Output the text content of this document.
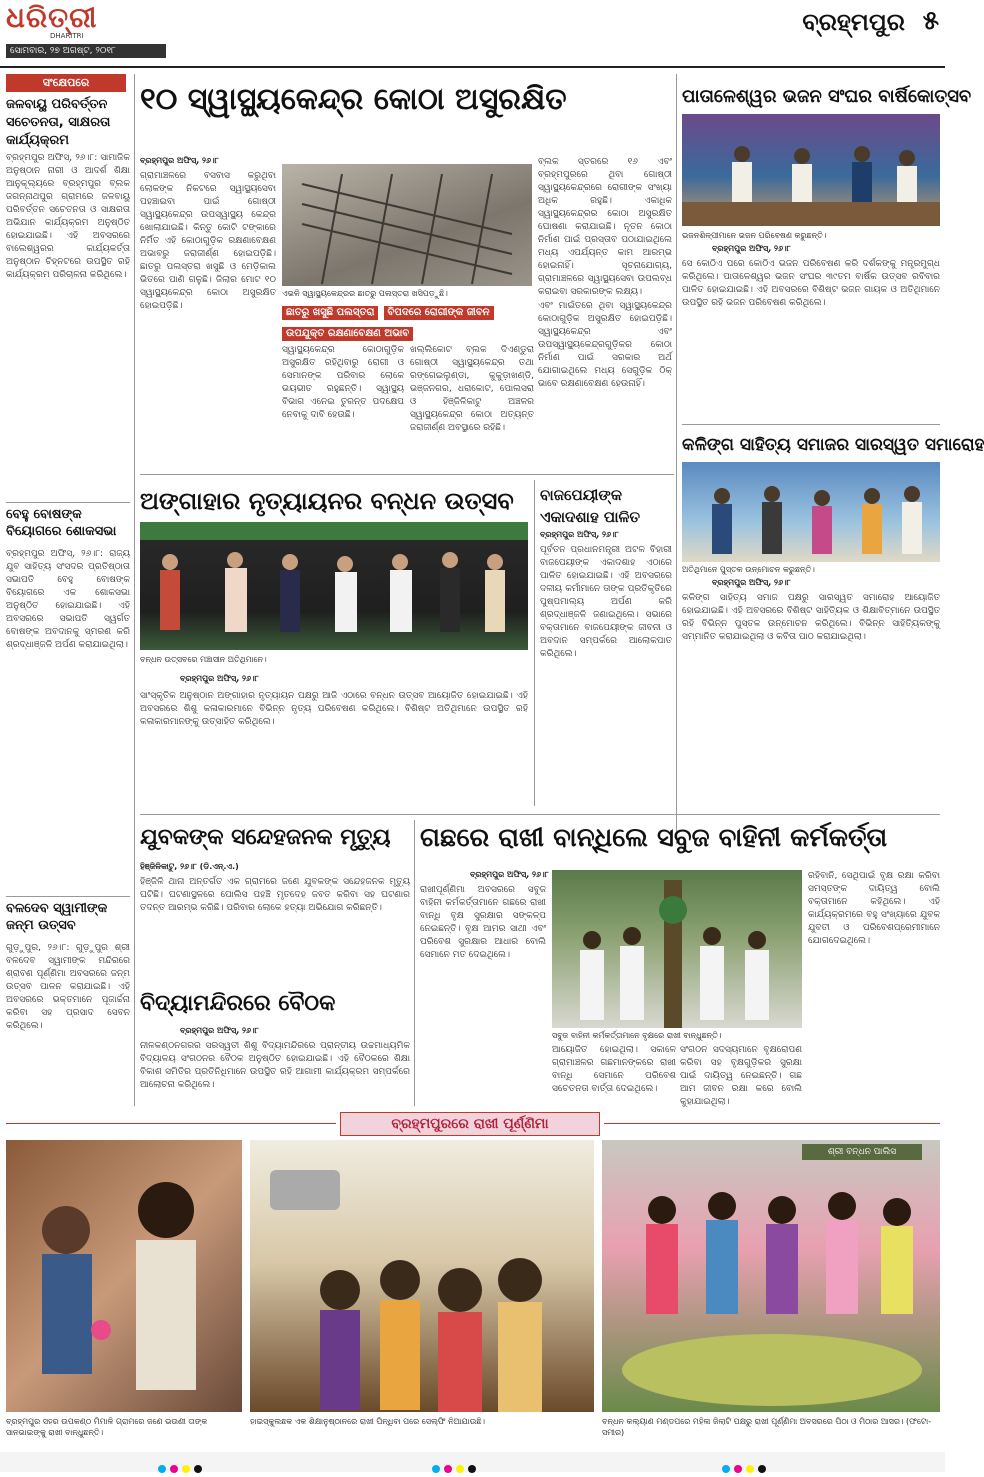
ଧରିତ୍ରୀ
DHARITRI
ସୋମବାର, ୨୭ ଅଗଷ୍ଟ, ୨୦୧୮
ବ୍ରହ୍ମପୁର ୫
ସଂକ୍ଷେପରେ
ଜଳବାୟୁ ପରିବର୍ତ୍ତନ ସଚେତନତା, ସାକ୍ଷରତା କାର୍ଯ୍ୟକ୍ରମ
ବ୍ରହ୍ମପୁର ଅଫିସ୍, ୨୬।୮: ସାମାଜିକ ଅନୁଷ୍ଠାନ ନାରୀ ଓ ଆଦର୍ଶ ଶିକ୍ଷା ଆନୁକୂଲ୍ୟରେ ବ୍ରହ୍ମପୁର ବ୍ଲକ ଜଗନ୍ନାଥପୁର ଗ୍ରାମରେ ଜଳବାୟୁ ପରିବର୍ତ୍ତନ ସଚେତନତା ଓ ସାକ୍ଷରତା ଅଭିଯାନ କାର୍ଯ୍ୟକ୍ରମ ଅନୁଷ୍ଠିତ ହୋଇଯାଇଛି। ଏହି ଅବସରରେ ବାଲେଶ୍ୱରର କାର୍ଯ୍ୟକର୍ତ୍ତା ଅନୁଷ୍ଠାନ ଚିହ୍ନଟରେ ଉପସ୍ଥିତ ରହି କାର୍ଯ୍ୟକ୍ରମ ପରିଚାଳନା କରିଥିଲେ।
ବେହୁ ବୋଷଙ୍କ ବିୟୋଗରେ ଶୋକସଭା
ବ୍ରହ୍ମପୁର ଅଫିସ୍, ୨୬।୮: ରାଜ୍ୟ ଯୁବ ସାହିତ୍ୟ ସଂସଦର ପ୍ରତିଷ୍ଠାତା ସଭାପତି ବେହୁ ବୋଷଙ୍କ ବିୟୋଗରେ ଏକ ଶୋକସଭା ଅନୁଷ୍ଠିତ ହୋଇଯାଇଛି। ଏହି ଅବସରରେ ସଭାପତି ସ୍ୱର୍ଗତ ବୋଷଙ୍କ ଅବଦାନକୁ ସ୍ମରଣ କରି ଶ୍ରଦ୍ଧାଞ୍ଜଳି ଅର୍ପଣ କରାଯାଇଥିଲା।
ବଳଦେବ ସ୍ୱାମୀଙ୍କ ଜନ୍ମ ଉତ୍ସବ
ଗୁଡ଼ୁପୁର, ୨୬।୮: ଗୁଡ଼ୁପୁର ଶ୍ରୀ ବଳଦେବ ସ୍ୱାମୀଙ୍କ ମନ୍ଦିରରେ ଶ୍ରାବଣ ପୂର୍ଣ୍ଣିମା ଅବସରରେ ଜନ୍ମ ଉତ୍ସବ ପାଳନ କରାଯାଇଛି। ଏହି ଅବସରରେ ଭକ୍ତମାନେ ପୂଜାର୍ଚ୍ଚନା କରିବା ସହ ପ୍ରସାଦ ସେବନ କରିଥିଲେ।
୧୦ ସ୍ୱାସ୍ଥ୍ୟକେନ୍ଦ୍ର କୋଠା ଅସୁରକ୍ଷିତ
ବ୍ରହ୍ମପୁର ଅଫିସ୍, ୨୬।୮
ଗ୍ରାମାଞ୍ଚଳରେ ବସବାସ କରୁଥିବା ଲୋକଙ୍କ ନିକଟରେ ସ୍ୱାସ୍ଥ୍ୟସେବା ପହଞ୍ଚାଇବା ପାଇଁ ଗୋଷ୍ଠୀ ସ୍ୱାସ୍ଥ୍ୟକେନ୍ଦ୍ର ଉପସ୍ୱାସ୍ଥ୍ୟ କେନ୍ଦ୍ର ଖୋଲାଯାଇଛି। କିନ୍ତୁ କୋଟି ଟଙ୍କାରେ ନିର୍ମିତ ଏହି କୋଠାଗୁଡ଼ିକ ରକ୍ଷଣାବେକ୍ଷଣ ଅଭାବରୁ ଜରାଜୀର୍ଣ୍ଣ ହୋଇପଡ଼ିଛି। ଛାତରୁ ପଲସ୍ତରା ଖସୁଛି ଓ ମେଡ଼ିକାଲ ଭିତରେ ପାଣି ଗଳୁଛି। ଜିଲାର ମୋଟ ୧୦ ସ୍ୱାସ୍ଥ୍ୟକେନ୍ଦ୍ର କୋଠା ଅସୁରକ୍ଷିତ ହୋଇପଡ଼ିଛି।
ଏଭଳି ସ୍ୱାସ୍ଥ୍ୟକେନ୍ଦ୍ରର ଛାତରୁ ପଲସ୍ତରା ଖସିପଡ଼ୁଛି।
ଛାତରୁ ଖସୁଛି ପଲସ୍ତରା ବିପଦରେ ରୋଗୀଙ୍କ ଜୀବନ ଉପଯୁକ୍ତ ରକ୍ଷଣାବେକ୍ଷଣ ଅଭାବ
ସ୍ୱାସ୍ଥ୍ୟକେନ୍ଦ୍ର କୋଠାଗୁଡ଼ିକ ଅସୁରକ୍ଷିତ ରହିଥିବାରୁ ରୋଗୀ ଓ ସେମାନଙ୍କ ପରିବାର ଲୋକେ ଭୟଭୀତ ରହୁଛନ୍ତି। ସ୍ୱାସ୍ଥ୍ୟ ବିଭାଗ ଏନେଇ ତୁରନ୍ତ ପଦକ୍ଷେପ ନେବାକୁ ଦାବି ହେଉଛି।
ଖଲ୍ଲିକୋଟ ବ୍ଲକ ଦିଏଣ୍ଡୁରା ଗୋଷ୍ଠୀ ସ୍ୱାସ୍ଥ୍ୟକେନ୍ଦ୍ର ତଥା ରଙ୍ଗେଇଲୁଣ୍ଡା, କୁକୁଡ଼ାଖଣ୍ଡି, ଭଞ୍ଜନଗର, ଧରାକୋଟ, ପୋଲସରା ଓ ହିଞ୍ଜିଳିକାଟୁ ଅଞ୍ଚଳର ସ୍ୱାସ୍ଥ୍ୟକେନ୍ଦ୍ର କୋଠା ଅତ୍ୟନ୍ତ ଜରାଜୀର୍ଣ୍ଣ ଅବସ୍ଥାରେ ରହିଛି।
ଏବଂ ମାଇଁତରେ ଥିବା ସ୍ୱାସ୍ଥ୍ୟକେନ୍ଦ୍ର କୋଠାଗୁଡ଼ିକ ଅସୁରକ୍ଷିତ ହୋଇପଡ଼ିଛି। ସ୍ୱାସ୍ଥ୍ୟକେନ୍ଦ୍ର ଏବଂ ଉପସ୍ୱାସ୍ଥ୍ୟକେନ୍ଦ୍ରଗୁଡ଼ିକର କୋଠା ନିର୍ମାଣ ପାଇଁ ସରକାର ଅର୍ଥ ଯୋଗାଇଥିଲେ ମଧ୍ୟ ସେଗୁଡ଼ିକ ଠିକ୍ ଭାବେ ରକ୍ଷଣାବେକ୍ଷଣ ହେଉନାହିଁ।
ବ୍ଲକ ସ୍ତରରେ ୧୬ ଏବଂ ବ୍ରହ୍ମପୁରରେ ଥିବା ଗୋଷ୍ଠୀ ସ୍ୱାସ୍ଥ୍ୟକେନ୍ଦ୍ରରେ ରୋଗୀଙ୍କ ସଂଖ୍ୟା ଅଧିକ ରହୁଛି। ଏକାଧିକ ସ୍ୱାସ୍ଥ୍ୟକେନ୍ଦ୍ରର କୋଠା ଅସୁରକ୍ଷିତ ଘୋଷଣା କରାଯାଇଛି। ନୂତନ କୋଠା ନିର୍ମାଣ ପାଇଁ ପ୍ରସ୍ତାବ ପଠାଯାଇଥିଲେ ମଧ୍ୟ ଏପର୍ଯ୍ୟନ୍ତ କାମ ଆରମ୍ଭ ହୋଇନାହିଁ। ସୂଚନାଯୋଗ୍ୟ, ଗ୍ରାମାଞ୍ଚଳରେ ସ୍ୱାସ୍ଥ୍ୟସେବା ଉପଲବ୍ଧ କରାଇବା ସରକାରଙ୍କ ଲକ୍ଷ୍ୟ।
ପାତାଳେଶ୍ୱର ଭଜନ ସଂଘର ବାର୍ଷିକୋତ୍ସବ
ଭଜନଶିଳ୍ପୀମାନେ ଭଜନ ପରିବେଷଣ କରୁଛନ୍ତି।
ବ୍ରହ୍ମପୁର ଅଫିସ୍, ୨୬।୮
ସେ କୋଠିଏ ପରେ କୋଠିଏ ଭଜନ ପରିବେଷଣ କରି ଦର୍ଶକଙ୍କୁ ମନ୍ତ୍ରମୁଗ୍ଧ କରିଥିଲେ। ପାତାଳେଶ୍ୱର ଭଜନ ସଂଘର ୩୯ତମ ବାର୍ଷିକ ଉତ୍ସବ ରବିବାର ପାଳିତ ହୋଇଯାଇଛି। ଏହି ଅବସରରେ ବିଶିଷ୍ଟ ଭଜନ ଗାୟକ ଓ ଅତିଥିମାନେ ଉପସ୍ଥିତ ରହି ଭଜନ ପରିବେଷଣ କରିଥିଲେ।
କଳିଙ୍ଗ ସାହିତ୍ୟ ସମାଜର ସାରସ୍ୱତ ସମାରୋହ
ଅତିଥିମାନେ ପୁସ୍ତକ ଉନ୍ମୋଚନ କରୁଛନ୍ତି।
ବ୍ରହ୍ମପୁର ଅଫିସ୍, ୨୬।୮
କଳିଙ୍ଗ ସାହିତ୍ୟ ସମାଜ ପକ୍ଷରୁ ସାରସ୍ୱତ ସମାରୋହ ଆୟୋଜିତ ହୋଇଯାଇଛି। ଏହି ଅବସରରେ ବିଶିଷ୍ଟ ସାହିତ୍ୟିକ ଓ ଶିକ୍ଷାବିତ୍‌ମାନେ ଉପସ୍ଥିତ ରହି ବିଭିନ୍ନ ପୁସ୍ତକ ଉନ୍ମୋଚନ କରିଥିଲେ। ବିଭିନ୍ନ ସାହିତ୍ୟିକଙ୍କୁ ସମ୍ମାନିତ କରାଯାଇଥିଲା ଓ କବିତା ପାଠ କରାଯାଇଥିଲା।
ଅଙ୍ଗାହାର ନୃତ୍ୟାୟନର ବନ୍ଧନ ଉତ୍ସବ
ବନ୍ଧନ ଉତ୍ସବରେ ମଞ୍ଚାସୀନ ଅତିଥିମାନେ।
ବ୍ରହ୍ମପୁର ଅଫିସ୍, ୨୬।୮
ସାଂସ୍କୃତିକ ଅନୁଷ୍ଠାନ ଅଙ୍ଗାହାର ନୃତ୍ୟାୟନ ପକ୍ଷରୁ ଆଜି ଏଠାରେ ବନ୍ଧନ ଉତ୍ସବ ଆୟୋଜିତ ହୋଇଯାଇଛି। ଏହି ଅବସରରେ ଶିଶୁ କଳାକାରମାନେ ବିଭିନ୍ନ ନୃତ୍ୟ ପରିବେଷଣ କରିଥିଲେ। ବିଶିଷ୍ଟ ଅତିଥିମାନେ ଉପସ୍ଥିତ ରହି କଳାକାରମାନଙ୍କୁ ଉତ୍ସାହିତ କରିଥିଲେ।
ବାଜପେୟୀଙ୍କ ଏକାଦଶାହ ପାଳିତ
ବ୍ରହ୍ମପୁର ଅଫିସ୍, ୨୬।୮
ପୂର୍ବତନ ପ୍ରଧାନମନ୍ତ୍ରୀ ଅଟଳ ବିହାରୀ ବାଜପେୟୀଙ୍କ ଏକାଦଶାହ ଏଠାରେ ପାଳିତ ହୋଇଯାଇଛି। ଏହି ଅବସରରେ ଦଳୀୟ କର୍ମୀମାନେ ତାଙ୍କ ପ୍ରତିକୃତିରେ ପୁଷ୍ପମାଲ୍ୟ ଅର୍ପଣ କରି ଶ୍ରଦ୍ଧାଞ୍ଜଳି ଜଣାଇଥିଲେ। ସଭାରେ ବକ୍ତାମାନେ ବାଜପେୟୀଙ୍କ ଜୀବନୀ ଓ ଅବଦାନ ସମ୍ପର୍କରେ ଆଲୋକପାତ କରିଥିଲେ।
ଯୁବକଙ୍କ ସନ୍ଦେହଜନକ ମୃତ୍ୟୁ
ହିଞ୍ଜିଳିକାଟୁ, ୨୬।୮ (ଡି.ଏନ୍.ଏ.)
ହିଞ୍ଜିଳି ଥାନା ଅନ୍ତର୍ଗତ ଏକ ଗ୍ରାମରେ ଜଣେ ଯୁବକଙ୍କ ସନ୍ଦେହଜନକ ମୃତ୍ୟୁ ଘଟିଛି। ଘଟଣାସ୍ଥଳରେ ପୋଲିସ ପହଞ୍ଚି ମୃତଦେହ ଜବତ କରିବା ସହ ଘଟଣାର ତଦନ୍ତ ଆରମ୍ଭ କରିଛି। ପରିବାର ଲୋକେ ହତ୍ୟା ଅଭିଯୋଗ କରିଛନ୍ତି।
ବିଦ୍ୟାମନ୍ଦିରରେ ବୈଠକ
ବ୍ରହ୍ମପୁର ଅଫିସ୍, ୨୬।୮
ନୀଳକଣ୍ଠନଗରର ସରସ୍ୱତୀ ଶିଶୁ ବିଦ୍ୟାମନ୍ଦିରରେ ପ୍ରାନ୍ତୀୟ ଉଚ୍ଚମାଧ୍ୟମିକ ବିଦ୍ୟାଳୟ ସଂଗଠନର ବୈଠକ ଅନୁଷ୍ଠିତ ହୋଇଯାଇଛି। ଏହି ବୈଠକରେ ଶିକ୍ଷା ବିକାଶ ସମିତିର ପ୍ରତିନିଧିମାନେ ଉପସ୍ଥିତ ରହି ଆଗାମୀ କାର୍ଯ୍ୟକ୍ରମ ସମ୍ପର୍କରେ ଆଲୋଚନା କରିଥିଲେ।
ଗଛରେ ରାଖୀ ବାନ୍ଧିଲେ ସବୁଜ ବାହିନୀ କର୍ମକର୍ତ୍ତା
ବ୍ରହ୍ମପୁର ଅଫିସ୍, ୨୬।୮
ରାଖୀପୂର୍ଣ୍ଣିମା ଅବସରରେ ସବୁଜ ବାହିନୀ କର୍ମକର୍ତ୍ତାମାନେ ଗଛରେ ରାଖୀ ବାନ୍ଧି ବୃକ୍ଷ ସୁରକ୍ଷାର ସଙ୍କଳ୍ପ ନେଇଛନ୍ତି। ବୃକ୍ଷ ଆମର ସାଥୀ ଏବଂ ପରିବେଶ ସୁରକ୍ଷାର ଆଧାର ବୋଲି ସେମାନେ ମତ ଦେଇଥିଲେ।
ସବୁଜ ବାହିନୀ କର୍ମକର୍ତ୍ତାମାନେ ବୃକ୍ଷରେ ରାଖୀ ବାନ୍ଧୁଛନ୍ତି।
ଆୟୋଜିତ ହୋଇଥିଲା। ସକାଳେ ଗ୍ରାମାଞ୍ଚଳର ଗଛମାନଙ୍କରେ ରାଖୀ ବାନ୍ଧି ସେମାନେ ପରିବେଶ ସଚେତନତା ବାର୍ତ୍ତା ଦେଇଥିଲେ।
ସଂଗଠନ ସଦସ୍ୟମାନେ ବୃକ୍ଷରୋପଣ କରିବା ସହ ବୃକ୍ଷଗୁଡ଼ିକର ସୁରକ୍ଷା ପାଇଁ ଦାୟିତ୍ୱ ନେଇଛନ୍ତି। ଗଛ ଆମ ଜୀବନ ରକ୍ଷା କରେ ବୋଲି କୁହାଯାଇଥିଲା।
ରହିବାନି, ସେଥିପାଇଁ ବୃକ୍ଷ ରକ୍ଷା କରିବା ସମସ୍ତଙ୍କ ଦାୟିତ୍ୱ ବୋଲି ବକ୍ତାମାନେ କହିଥିଲେ। ଏହି କାର୍ଯ୍ୟକ୍ରମରେ ବହୁ ସଂଖ୍ୟାରେ ଯୁବକ ଯୁବତୀ ଓ ପରିବେଶପ୍ରେମୀମାନେ ଯୋଗଦେଇଥିଲେ।
ବ୍ରହ୍ମପୁରରେ ରାଖୀ ପୂର୍ଣ୍ଣିମା
ବ୍ରହ୍ମପୁର ସହର ଉପକଣ୍ଠ ମିମାଳି ଗ୍ରାମରେ ଜଣେ ଭଉଣୀ ତାଙ୍କ ସାନଭାଇଙ୍କୁ ରାଖୀ ବାନ୍ଧୁଛନ୍ତି।
ହାଇସ୍କୁଲଛକ ଏକ ଶିକ୍ଷାନୁଷ୍ଠାନରେ ରାଖୀ ପିନ୍ଧିବା ପରେ ସେଲ୍‌ଫି ନିଆଯାଉଛି।
ଶ୍ରୀ ବନ୍ଧନ ପାଲିସ
ବନ୍ଧନ କଲ୍ୟାଣ ମଣ୍ଡପରେ ମହିଳା ଜିଲାଟି ପକ୍ଷରୁ ରାଖୀ ପୂର୍ଣ୍ଣିମା ଅବସରରେ ପିଠା ଓ ମିଠାର ଆସର। (ଫଟୋ-ସମୀର)
